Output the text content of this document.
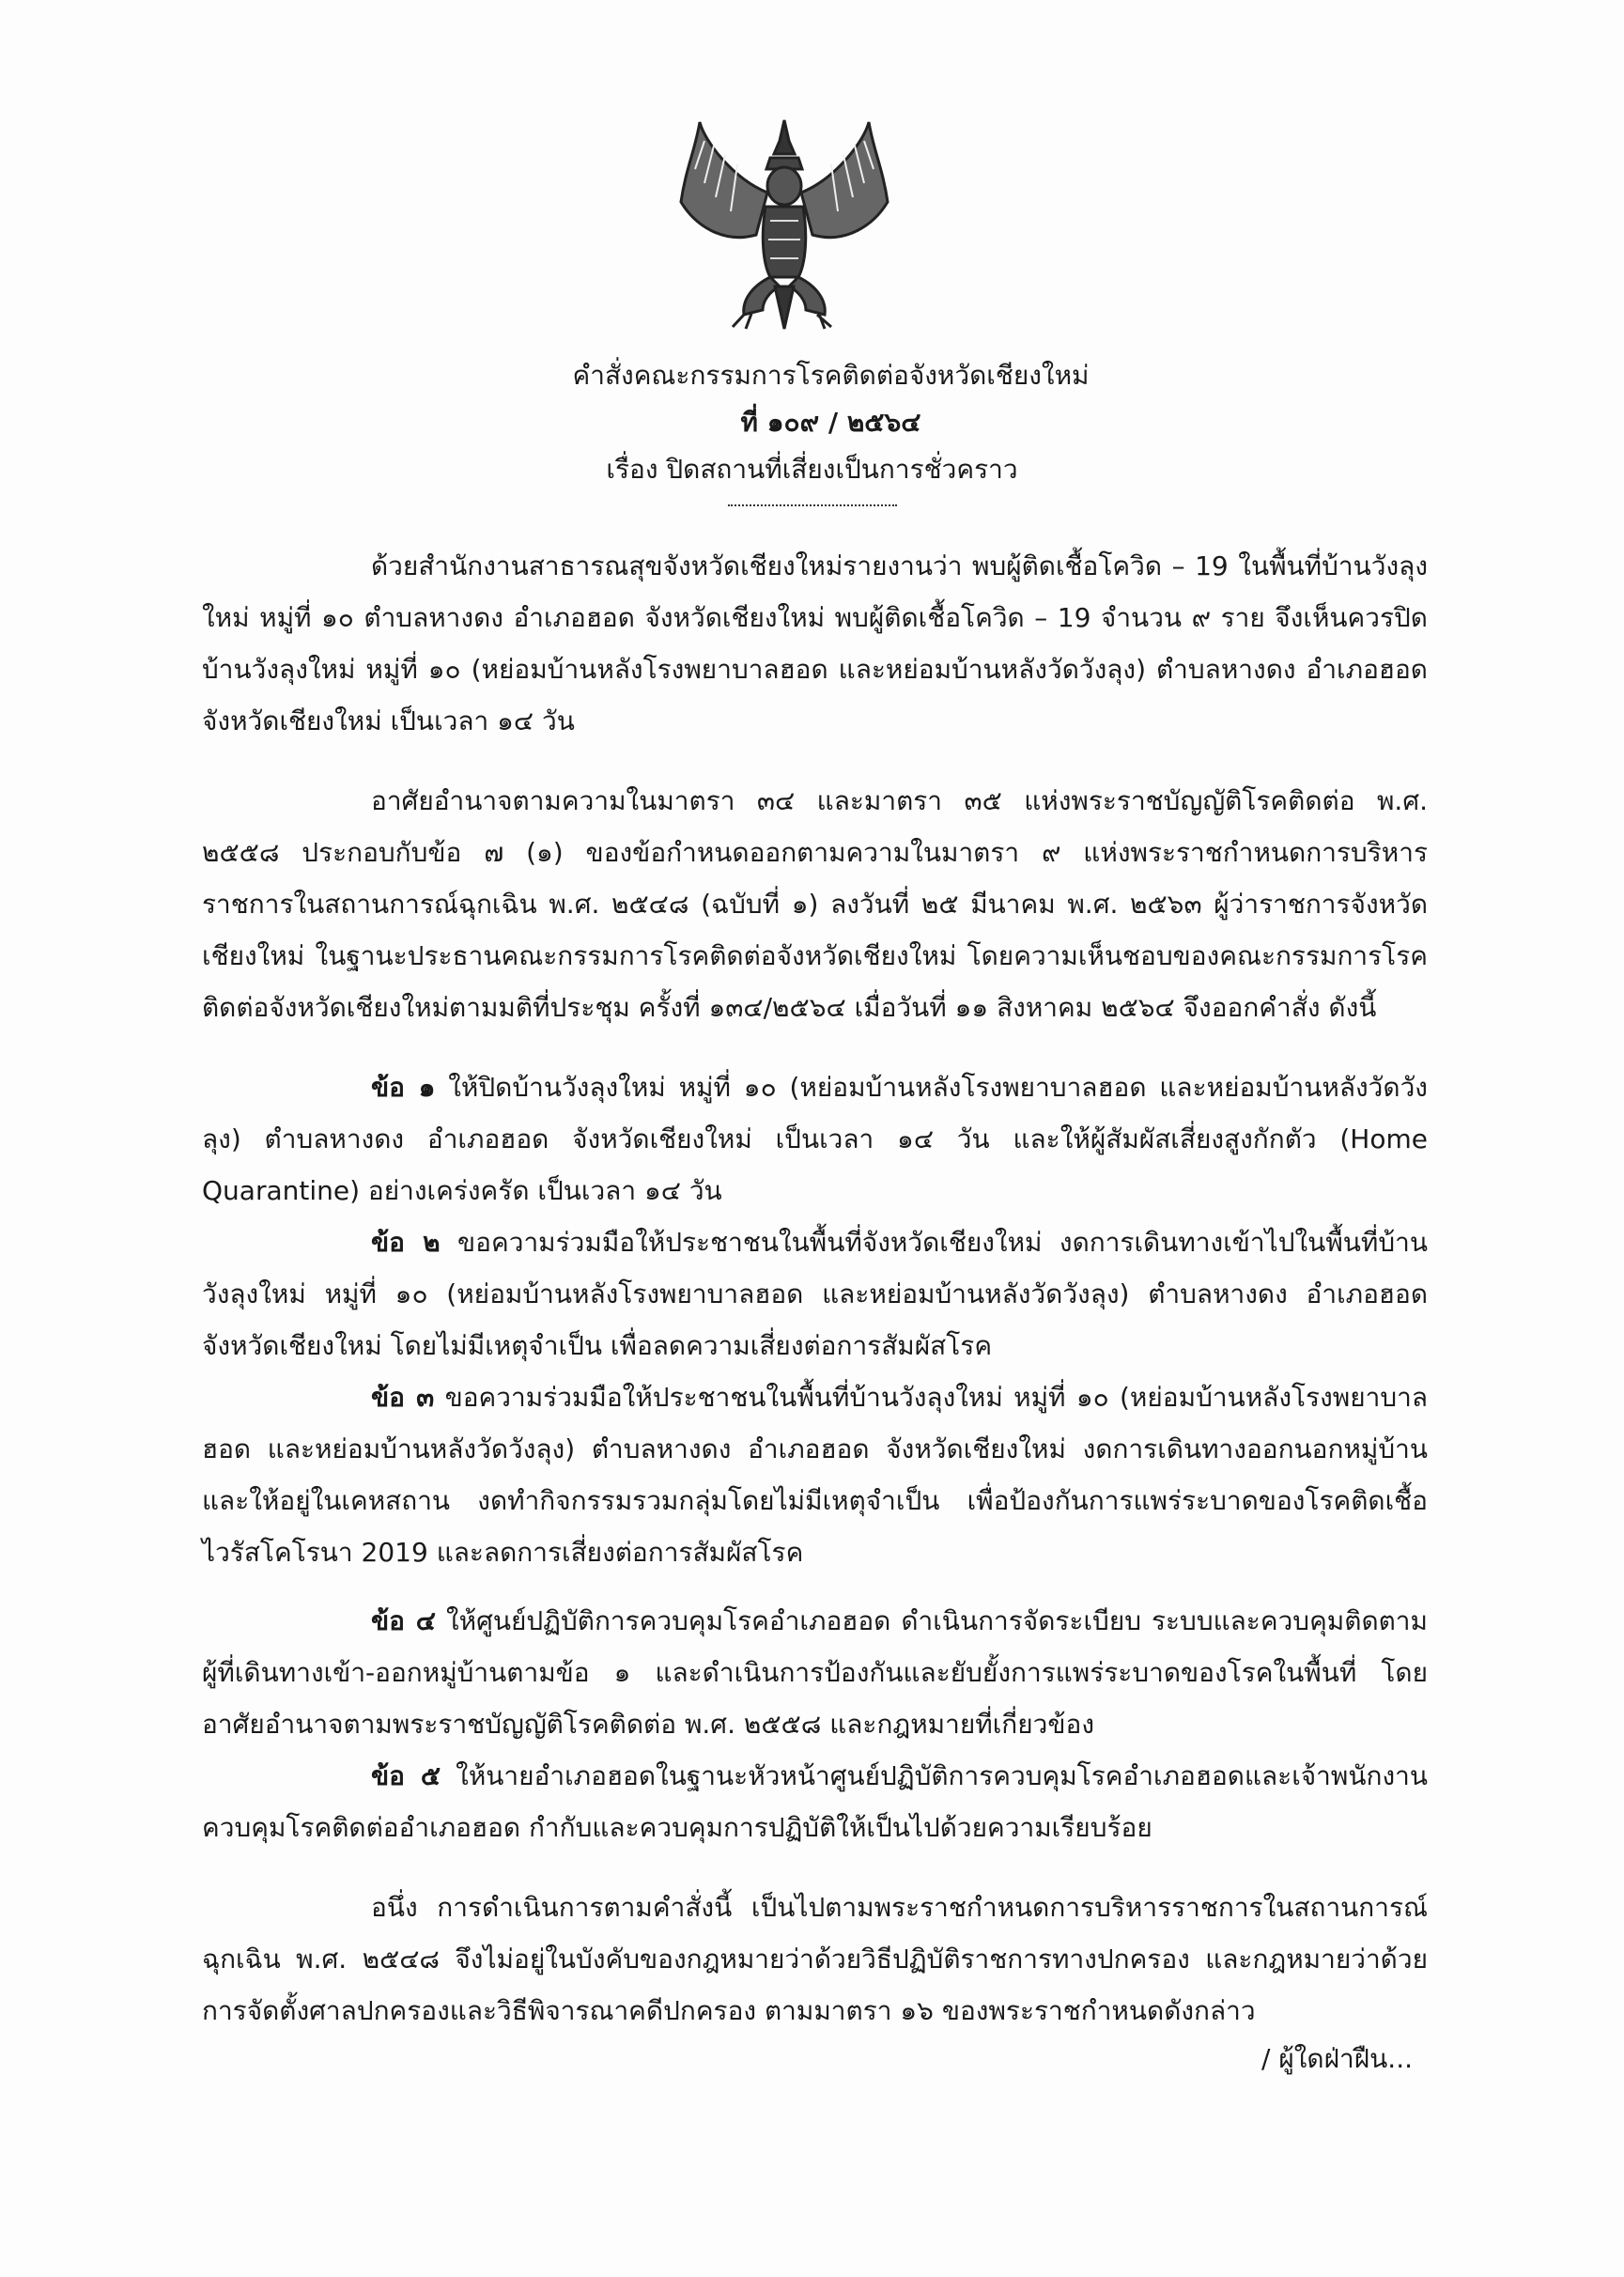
คำสั่งคณะกรรมการโรคติดต่อจังหวัดเชียงใหม่
ที่ ๑๐๙ / ๒๕๖๔
เรื่อง ปิดสถานที่เสี่ยงเป็นการชั่วคราว

ด้วยสำนักงานสาธารณสุขจังหวัดเชียงใหม่รายงานว่า พบผู้ติดเชื้อโควิด – 19 ในพื้นที่บ้านวังลุงใหม่ หมู่ที่ ๑๐ ตำบลหางดง อำเภอฮอด จังหวัดเชียงใหม่ พบผู้ติดเชื้อโควิด – 19 จำนวน ๙ ราย จึงเห็นควรปิดบ้านวังลุงใหม่ หมู่ที่ ๑๐ (หย่อมบ้านหลังโรงพยาบาลฮอด และหย่อมบ้านหลังวัดวังลุง) ตำบลหางดง อำเภอฮอด จังหวัดเชียงใหม่ เป็นเวลา ๑๔ วัน

อาศัยอำนาจตามความในมาตรา ๓๔ และมาตรา ๓๕ แห่งพระราชบัญญัติโรคติดต่อ พ.ศ. ๒๕๕๘ ประกอบกับข้อ ๗ (๑) ของข้อกำหนดออกตามความในมาตรา ๙ แห่งพระราชกำหนดการบริหารราชการในสถานการณ์ฉุกเฉิน พ.ศ. ๒๕๔๘ (ฉบับที่ ๑) ลงวันที่ ๒๕ มีนาคม พ.ศ. ๒๕๖๓ ผู้ว่าราชการจังหวัดเชียงใหม่ ในฐานะประธานคณะกรรมการโรคติดต่อจังหวัดเชียงใหม่ โดยความเห็นชอบของคณะกรรมการโรคติดต่อจังหวัดเชียงใหม่ตามมติที่ประชุม ครั้งที่ ๑๓๔/๒๕๖๔ เมื่อวันที่ ๑๑ สิงหาคม ๒๕๖๔ จึงออกคำสั่ง ดังนี้

ข้อ ๑ ให้ปิดบ้านวังลุงใหม่ หมู่ที่ ๑๐ (หย่อมบ้านหลังโรงพยาบาลฮอด และหย่อมบ้านหลังวัดวังลุง) ตำบลหางดง อำเภอฮอด จังหวัดเชียงใหม่ เป็นเวลา ๑๔ วัน และให้ผู้สัมผัสเสี่ยงสูงกักตัว (Home Quarantine) อย่างเคร่งครัด เป็นเวลา ๑๔ วัน

ข้อ ๒ ขอความร่วมมือให้ประชาชนในพื้นที่จังหวัดเชียงใหม่ งดการเดินทางเข้าไปในพื้นที่บ้านวังลุงใหม่ หมู่ที่ ๑๐ (หย่อมบ้านหลังโรงพยาบาลฮอด และหย่อมบ้านหลังวัดวังลุง) ตำบลหางดง อำเภอฮอด จังหวัดเชียงใหม่ โดยไม่มีเหตุจำเป็น เพื่อลดความเสี่ยงต่อการสัมผัสโรค

ข้อ ๓ ขอความร่วมมือให้ประชาชนในพื้นที่บ้านวังลุงใหม่ หมู่ที่ ๑๐ (หย่อมบ้านหลังโรงพยาบาลฮอด และหย่อมบ้านหลังวัดวังลุง) ตำบลหางดง อำเภอฮอด จังหวัดเชียงใหม่ งดการเดินทางออกนอกหมู่บ้าน และให้อยู่ในเคหสถาน งดทำกิจกรรมรวมกลุ่มโดยไม่มีเหตุจำเป็น เพื่อป้องกันการแพร่ระบาดของโรคติดเชื้อไวรัสโคโรนา 2019 และลดการเสี่ยงต่อการสัมผัสโรค

ข้อ ๔ ให้ศูนย์ปฏิบัติการควบคุมโรคอำเภอฮอด ดำเนินการจัดระเบียบ ระบบและควบคุมติดตาม ผู้ที่เดินทางเข้า-ออกหมู่บ้านตามข้อ ๑ และดำเนินการป้องกันและยับยั้งการแพร่ระบาดของโรคในพื้นที่ โดยอาศัยอำนาจตามพระราชบัญญัติโรคติดต่อ พ.ศ. ๒๕๕๘ และกฎหมายที่เกี่ยวข้อง

ข้อ ๕ ให้นายอำเภอฮอดในฐานะหัวหน้าศูนย์ปฏิบัติการควบคุมโรคอำเภอฮอดและเจ้าพนักงานควบคุมโรคติดต่ออำเภอฮอด กำกับและควบคุมการปฏิบัติให้เป็นไปด้วยความเรียบร้อย

อนึ่ง การดำเนินการตามคำสั่งนี้ เป็นไปตามพระราชกำหนดการบริหารราชการในสถานการณ์ฉุกเฉิน พ.ศ. ๒๕๔๘ จึงไม่อยู่ในบังคับของกฎหมายว่าด้วยวิธีปฏิบัติราชการทางปกครอง และกฎหมายว่าด้วยการจัดตั้งศาลปกครองและวิธีพิจารณาคดีปกครอง ตามมาตรา ๑๖ ของพระราชกำหนดดังกล่าว

/ ผู้ใดฝ่าฝืน...
